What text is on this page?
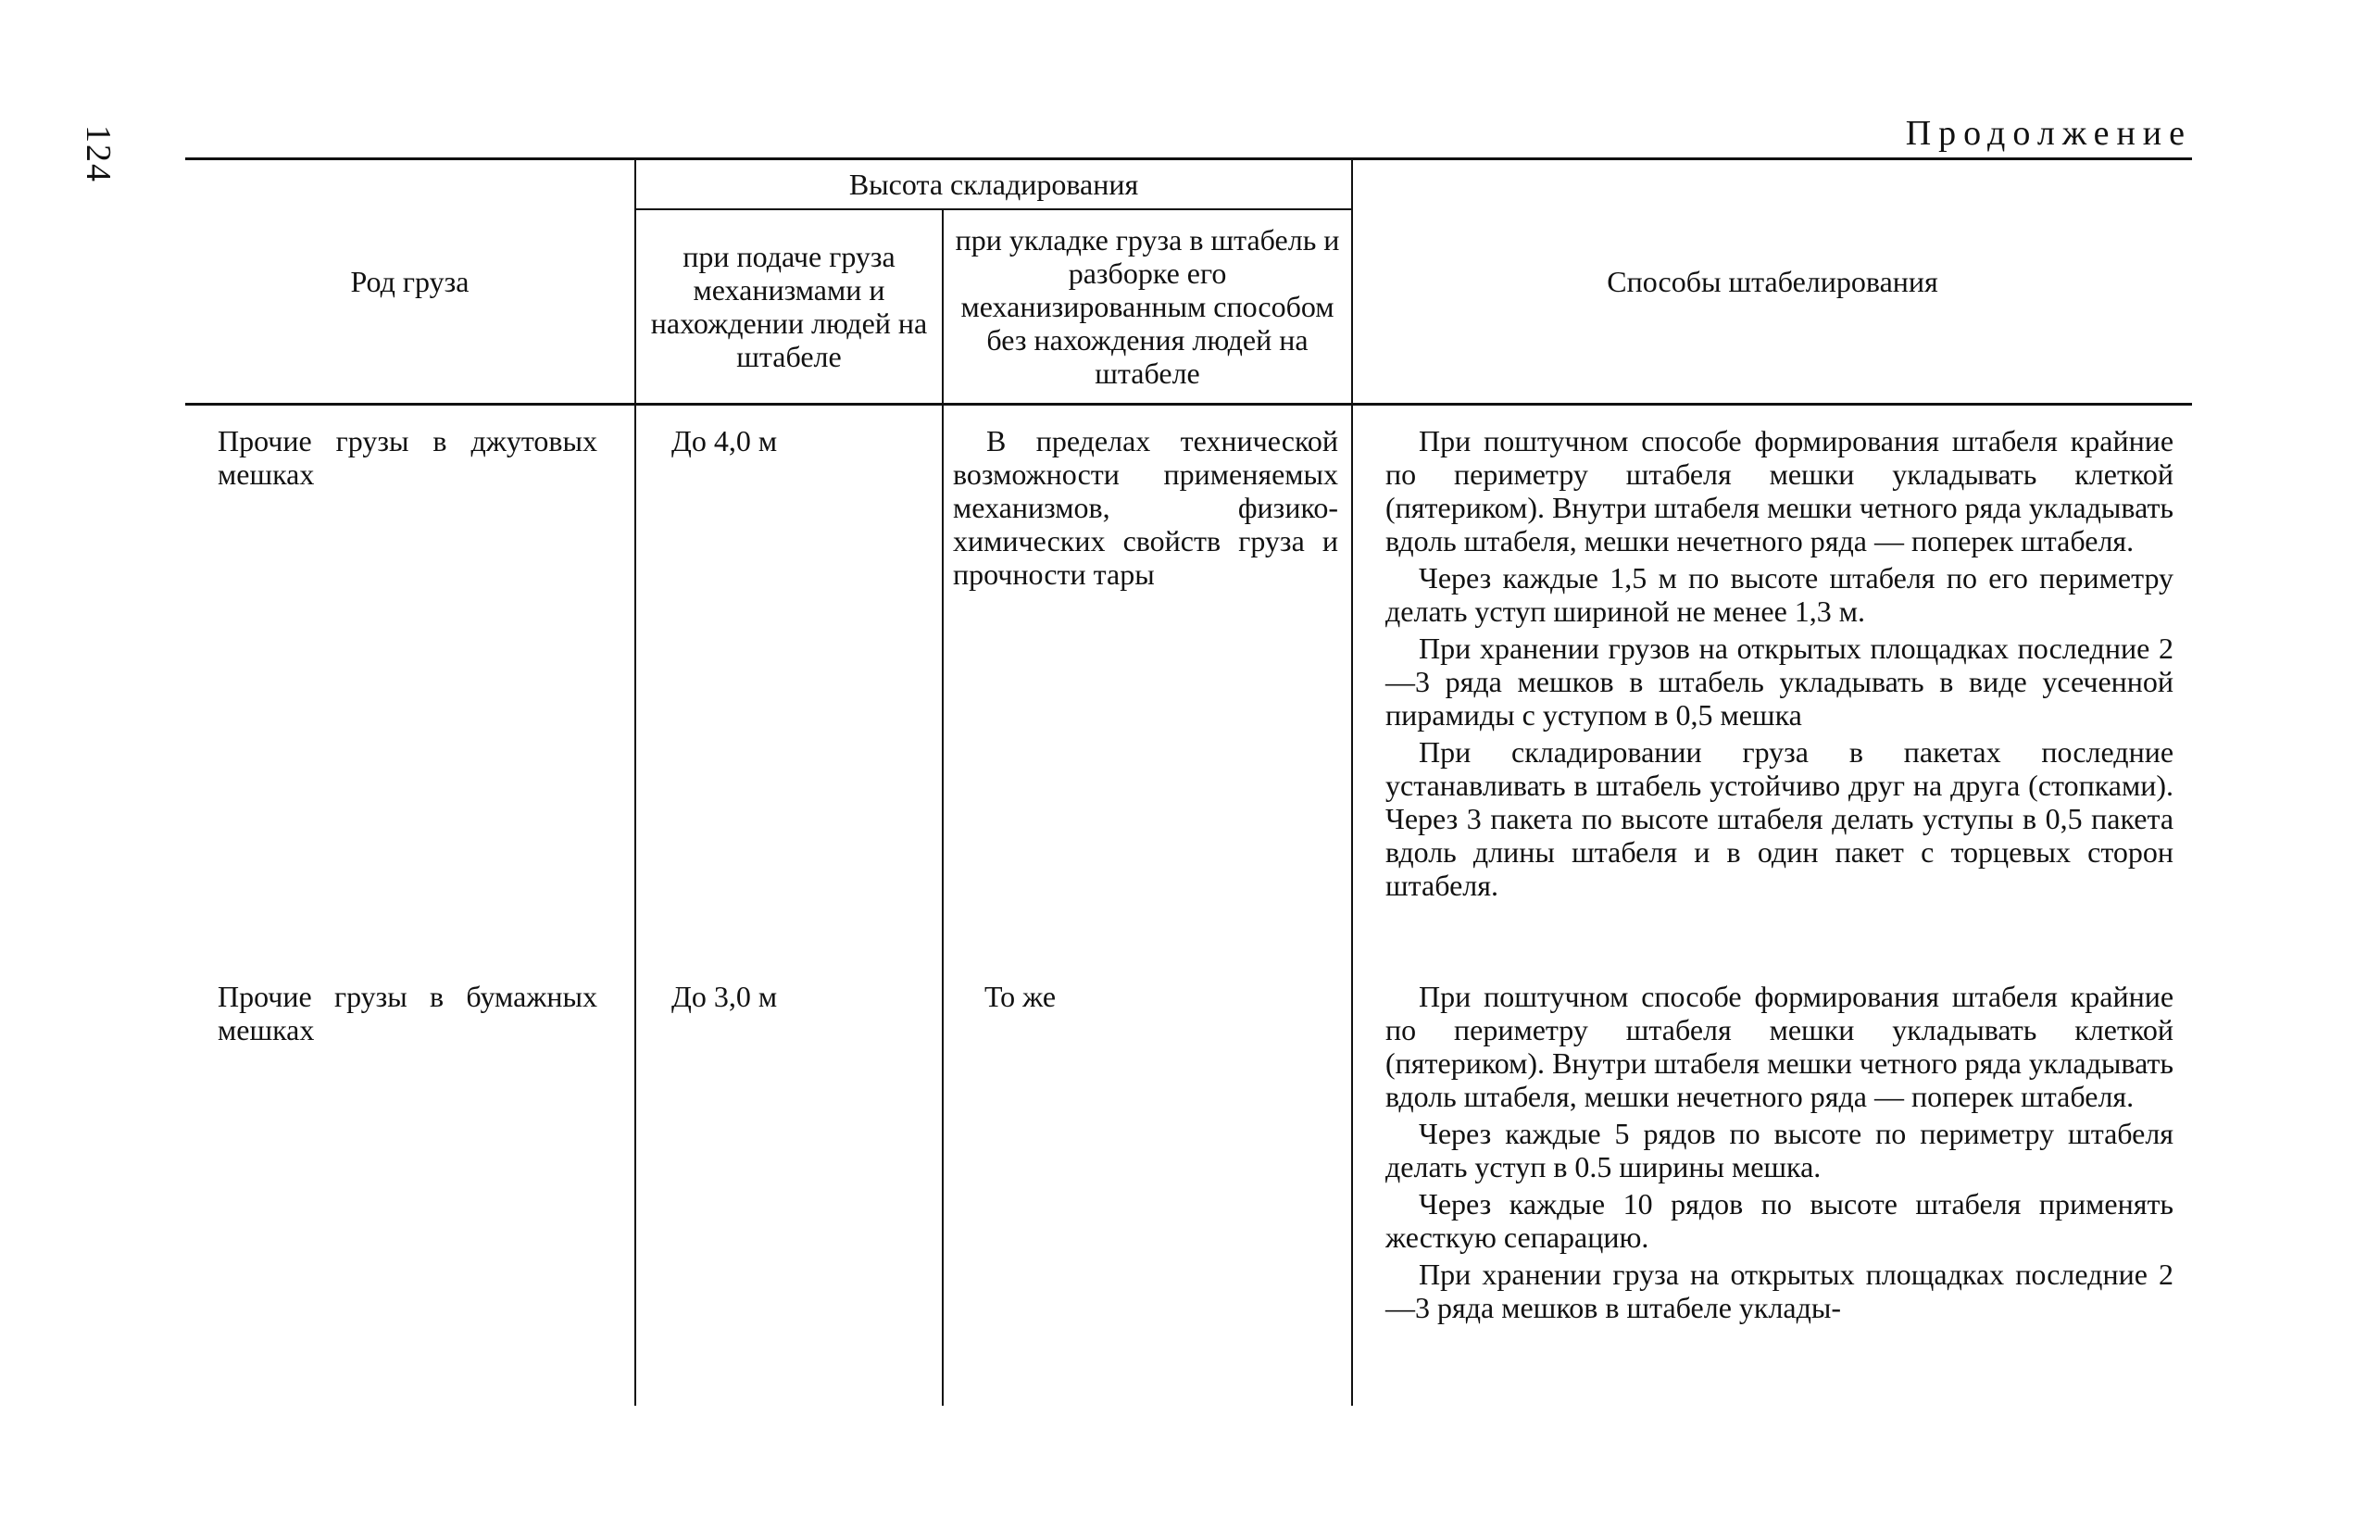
124	Продолжение
Род груза	Высота складирования		Способы штабелирования
	при подаче груза механизмами и нахождении людей на штабеле	при укладке груза в штабель и разборке его механизированным способом без нахождения людей на штабеле	
Прочие грузы в джутовых мешках	До 4,0 м	В пределах технической возможности применяемых механизмов, физико-химических свойств груза и прочности тары	При поштучном способе формирования штабеля крайние по периметру штабеля мешки укладывать клеткой (пятериком). Внутри штабеля мешки четного ряда укладывать вдоль штабеля, мешки нечетного ряда — поперек штабеля.

Через каждые 1,5 м по высоте штабеля по его периметру делать уступ шириной не менее 1,3 м.

При хранении грузов на открытых площадках последние 2—3 ряда мешков в штабель укладывать в виде усеченной пирамиды с уступом в 0,5 мешка

При складировании груза в пакетах последние устанавливать в штабель устойчиво друг на друга (стопками). Через 3 пакета по высоте штабеля делать уступы в 0,5 пакета вдоль длины штабеля и в один пакет с торцевых сторон штабеля.

Прочие грузы в бумажных мешках	До 3,0 м	То же	При поштучном способе формирования штабеля крайние по периметру штабеля мешки укладывать клеткой (пятериком). Внутри штабеля мешки четного ряда укладывать вдоль штабеля, мешки нечетного ряда — поперек штабеля.

Через каждые 5 рядов по высоте по периметру штабеля делать уступ в 0.5 ширины мешка.

Через каждые 10 рядов по высоте штабеля применять жесткую сепарацию.

При хранении груза на открытых площадках последние 2—3 ряда мешков в штабеле уклады-
